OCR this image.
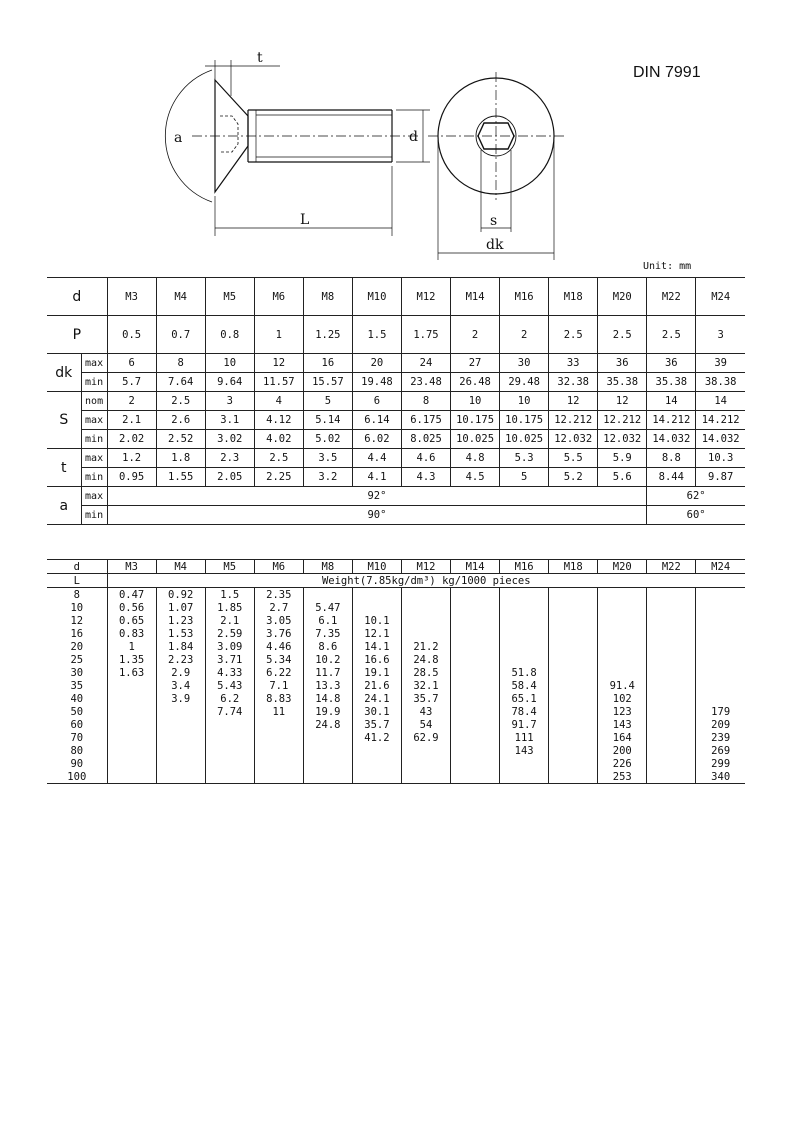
t
a	d
L	s
dk
DIN 7991
Unit: mm
d		M3	M4	M5	M6	M8	M10	M12	M14	M16	M18	M20	M22	M24
P		0.5	0.7	0.8	1	1.25	1.5	1.75	2	2	2.5	2.5	2.5	3
dk	max	6	8	10	12	16	20	24	27	30	33	36	36	39
	min	5.7	7.64	9.64	11.57	15.57	19.48	23.48	26.48	29.48	32.38	35.38	35.38	38.38
S	nom	2	2.5	3	4	5	6	8	10	10	12	12	14	14
	max	2.1	2.6	3.1	4.12	5.14	6.14	6.175	10.175	10.175	12.212	12.212	14.212	14.212
	min	2.02	2.52	3.02	4.02	5.02	6.02	8.025	10.025	10.025	12.032	12.032	14.032	14.032
t	max	1.2	1.8	2.3	2.5	3.5	4.4	4.6	4.8	5.3	5.5	5.9	8.8	10.3
	min	0.95	1.55	2.05	2.25	3.2	4.1	4.3	4.5	5	5.2	5.6	8.44	9.87
a	max	92°											62°	
	min	90°											60°	
d	M3	M4	M5	M6	M8	M10	M12	M14	M16	M18	M20	M22	M24
L	Weight(7.85kg/dm³) kg/1000 pieces												
8	0.47	0.92	1.5	2.35									
10	0.56	1.07	1.85	2.7	5.47								
12	0.65	1.23	2.1	3.05	6.1	10.1							
16	0.83	1.53	2.59	3.76	7.35	12.1							
20	1	1.84	3.09	4.46	8.6	14.1	21.2						
25	1.35	2.23	3.71	5.34	10.2	16.6	24.8						
30	1.63	2.9	4.33	6.22	11.7	19.1	28.5		51.8				
35		3.4	5.43	7.1	13.3	21.6	32.1		58.4		91.4		
40		3.9	6.2	8.83	14.8	24.1	35.7		65.1		102		
50			7.74	11	19.9	30.1	43		78.4		123		179
60					24.8	35.7	54		91.7		143		209
70						41.2	62.9		111		164		239
80									143		200		269
90											226		299
100											253		340
